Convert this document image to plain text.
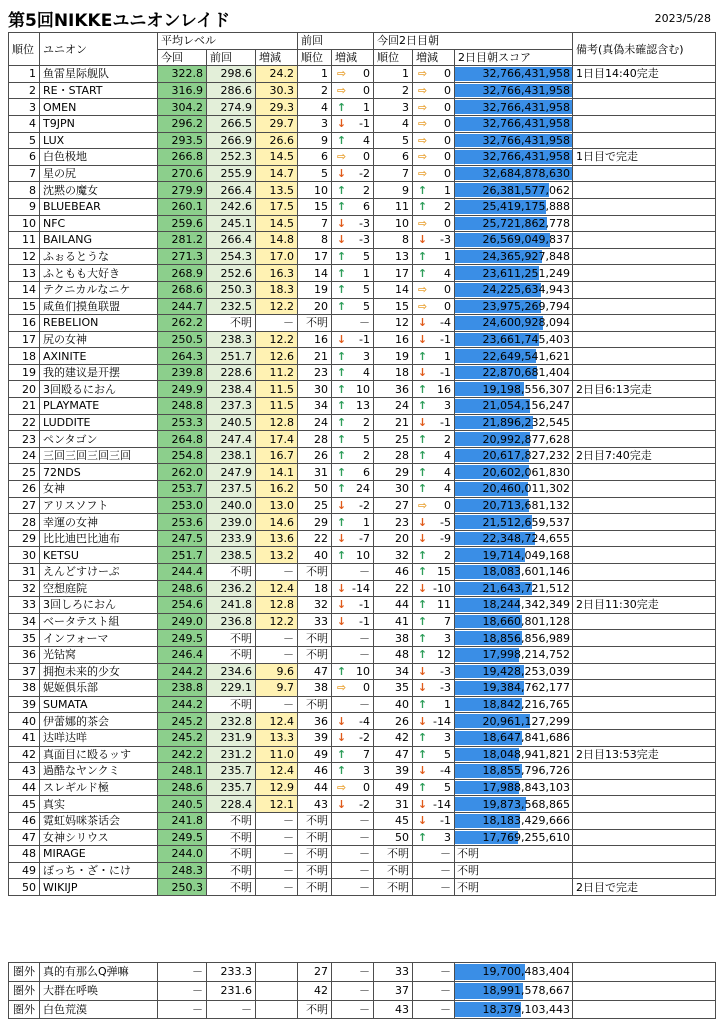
第5回NIKKEユニオンレイド	2023/5/28
順位	ユニオン	平均レベル			前回		今回2日目朝			備考(真偽未確認含む)
		今回	前回	増減	順位	増減	順位	増減	2日目朝スコア	
1	鱼雷星际舰队	322.8	298.6	24.2	1	⇨ 0	1	⇨ 0	32,766,431,958	1日目14:40完走
2	RE・START	316.9	286.6	30.3	2	⇨ 0	2	⇨ 0	32,766,431,958	

3	OMEN	304.2	274.9	29.3	4	↑ 1	3	⇨ 0	32,766,431,958	

4	T9JPN	296.2	266.5	29.7	3	↓ -1	4	⇨ 0	32,766,431,958	

5	LUX	293.5	266.9	26.6	9	↑ 4	5	⇨ 0	32,766,431,958	

6	白色极地	266.8	252.3	14.5	6	⇨ 0	6	⇨ 0	32,766,431,958	1日目で完走
7	星の尻	270.6	255.9	14.7	5	↓ -2	7	⇨ 0	32,684,878,630	

8	沈黙の魔女	279.9	266.4	13.5	10	↑ 2	9	↑ 1	26,381,577,062	

9	BLUEBEAR	260.1	242.6	17.5	15	↑ 6	11	↑ 2	25,419,175,888	

10	NFC	259.6	245.1	14.5	7	↓ -3	10	⇨ 0	25,721,862,778	

11	BAILANG	281.2	266.4	14.8	8	↓ -3	8	↓ -3	26,569,049,837	

12	ふぉるとうな	271.3	254.3	17.0	17	↑ 5	13	↑ 1	24,365,927,848	

13	ふともも大好き	268.9	252.6	16.3	14	↑ 1	17	↑ 4	23,611,251,249	

14	テクニカルなニケ	268.6	250.3	18.3	19	↑ 5	14	⇨ 0	24,225,634,943	

15	咸鱼们摸鱼联盟	244.7	232.5	12.2	20	↑ 5	15	⇨ 0	23,975,269,794	

16	REBELION	262.2	不明	－	不明	－	12	↓ -4	24,600,928,094	

17	尻の女神	250.5	238.3	12.2	16	↓ -1	16	↓ -1	23,661,745,403	

18	AXINITE	264.3	251.7	12.6	21	↑ 3	19	↑ 1	22,649,541,621	

19	我的建议是开摆	239.8	228.6	11.2	23	↑ 4	18	↓ -1	22,870,681,404	

20	3回殴るにおん	249.9	238.4	11.5	30	↑ 10	36	↑ 16	19,198,556,307	2日目6:13完走
21	PLAYMATE	248.8	237.3	11.5	34	↑ 13	24	↑ 3	21,054,156,247	

22	LUDDITE	253.3	240.5	12.8	24	↑ 2	21	↓ -1	21,896,232,545	

23	ペンタゴン	264.8	247.4	17.4	28	↑ 5	25	↑ 2	20,992,877,628	

24	三回三回三回三回	254.8	238.1	16.7	26	↑ 2	28	↑ 4	20,617,827,232	2日目7:40完走
25	72NDS	262.0	247.9	14.1	31	↑ 6	29	↑ 4	20,602,061,830	

26	女神	253.7	237.5	16.2	50	↑ 24	30	↑ 4	20,460,011,302	

27	アリスソフト	253.0	240.0	13.0	25	↓ -2	27	⇨ 0	20,713,681,132	

28	幸運の女神	253.6	239.0	14.6	29	↑ 1	23	↓ -5	21,512,659,537	

29	比比迪巴比迪布	247.5	233.9	13.6	22	↓ -7	20	↓ -9	22,348,724,655	

30	KETSU	251.7	238.5	13.2	40	↑ 10	32	↑ 2	19,714,049,168	

31	えんどすけーぷ	244.4	不明	－	不明	－	46	↑ 15	18,083,601,146	

32	空想庭院	248.6	236.2	12.4	18	↓ -14	22	↓ -10	21,643,721,512	

33	3回しろにおん	254.6	241.8	12.8	32	↓ -1	44	↑ 11	18,244,342,349	2日目11:30完走
34	ベータテスト組	249.0	236.8	12.2	33	↓ -1	41	↑ 7	18,660,801,128	

35	インフォーマ	249.5	不明	－	不明	－	38	↑ 3	18,856,856,989	

36	光钻窝	246.4	不明	－	不明	－	48	↑ 12	17,998,214,752	

37	拥抱未来的少女	244.2	234.6	9.6	47	↑ 10	34	↓ -3	19,428,253,039	

38	妮姬俱乐部	238.8	229.1	9.7	38	⇨ 0	35	↓ -3	19,384,762,177	

39	SUMATA	244.2	不明	－	不明	－	40	↑ 1	18,842,216,765	

40	伊蕾娜的茶会	245.2	232.8	12.4	36	↓ -4	26	↓ -14	20,961,127,299	

41	达咩达咩	245.2	231.9	13.3	39	↓ -2	42	↑ 3	18,647,841,686	

42	真面目に殴るッす	242.2	231.2	11.0	49	↑ 7	47	↑ 5	18,048,941,821	2日目13:53完走
43	過酷なヤンクミ	248.1	235.7	12.4	46	↑ 3	39	↓ -4	18,855,796,726	

44	スレギルド極	248.6	235.7	12.9	44	⇨ 0	49	↑ 5	17,988,843,103	

45	真实	240.5	228.4	12.1	43	↓ -2	31	↓ -14	19,873,568,865	

46	霓虹妈咪茶话会	241.8	不明	－	不明	－	45	↓ -1	18,183,429,666	

47	女神シリウス	249.5	不明	－	不明	－	50	↑ 3	17,769,255,610	

48	MIRAGE	244.0	不明	－	不明	－	不明	－	不明	
49	ぼっち・ざ・にけ	248.3	不明	－	不明	－	不明	－	不明	
50	WIKIJP	250.3	不明	－	不明	－	不明	－	不明	2日目で完走
圏外	真的有那么Q弹嘛	－	233.3		27	－	33	－	19,700,483,404	

圏外	大群在呼唤	－	231.6		42	－	37	－	18,991,578,667	

圏外	白色荒漠	－	－		不明	－	43	－	18,379,103,443	
